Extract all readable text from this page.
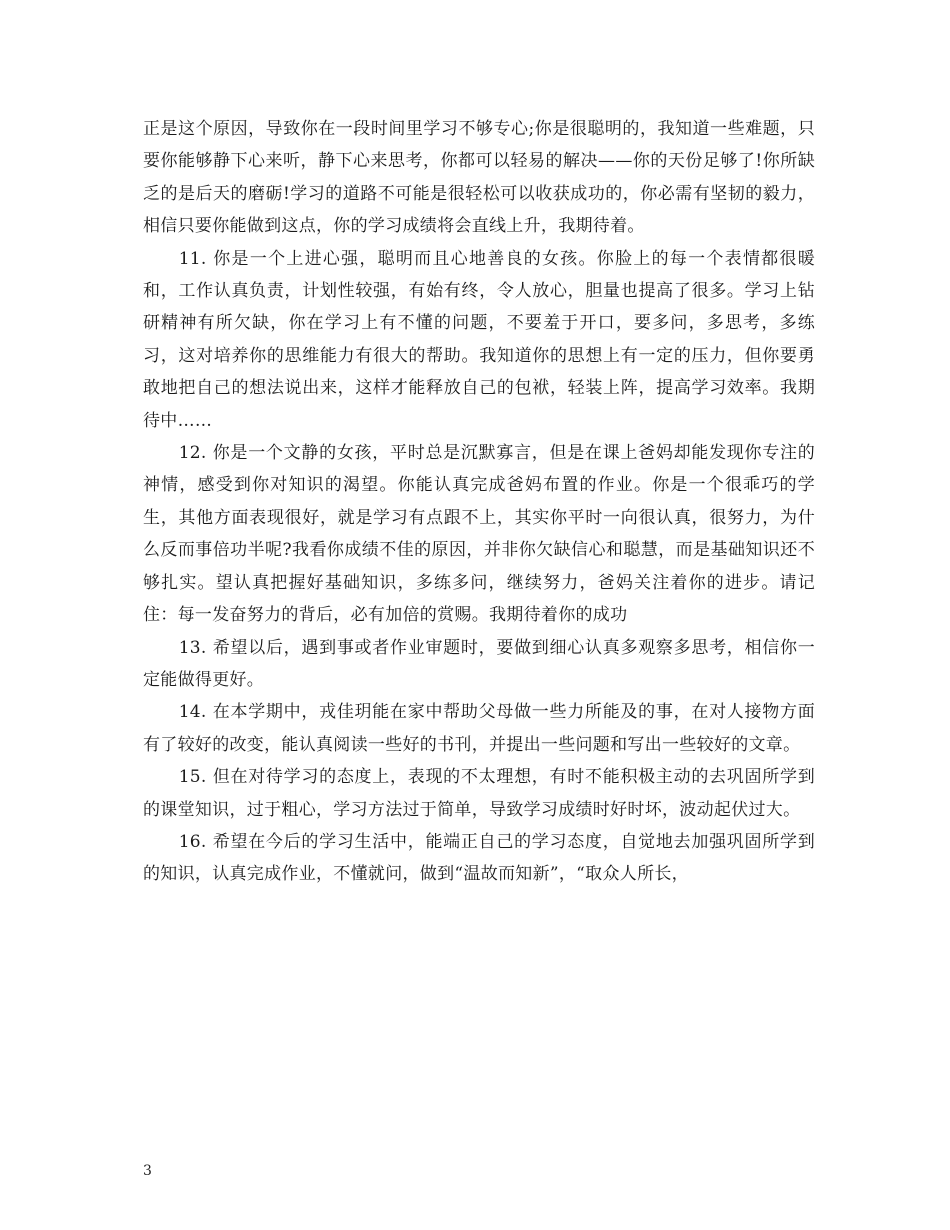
正是这个原因，导致你在一段时间里学习不够专心;你是很聪明的，我知道一些难题，只要你能够静下心来听，静下心来思考，你都可以轻易的解决——你的天份足够了!你所缺乏的是后天的磨砺!学习的道路不可能是很轻松可以收获成功的，你必需有坚韧的毅力，相信只要你能做到这点，你的学习成绩将会直线上升，我期待着。

11. 你是一个上进心强，聪明而且心地善良的女孩。你脸上的每一个表情都很暖和，工作认真负责，计划性较强，有始有终，令人放心，胆量也提高了很多。学习上钻研精神有所欠缺，你在学习上有不懂的问题，不要羞于开口，要多问，多思考，多练习，这对培养你的思维能力有很大的帮助。我知道你的思想上有一定的压力，但你要勇敢地把自己的想法说出来，这样才能释放自己的包袱，轻装上阵，提高学习效率。我期待中……

12. 你是一个文静的女孩，平时总是沉默寡言，但是在课上爸妈却能发现你专注的神情，感受到你对知识的渴望。你能认真完成爸妈布置的作业。你是一个很乖巧的学生，其他方面表现很好，就是学习有点跟不上，其实你平时一向很认真，很努力，为什么反而事倍功半呢?我看你成绩不佳的原因，并非你欠缺信心和聪慧，而是基础知识还不够扎实。望认真把握好基础知识，多练多问，继续努力，爸妈关注着你的进步。请记住：每一发奋努力的背后，必有加倍的赏赐。我期待着你的成功

13. 希望以后，遇到事或者作业审题时，要做到细心认真多观察多思考，相信你一定能做得更好。

14. 在本学期中，戎佳玥能在家中帮助父母做一些力所能及的事，在对人接物方面有了较好的改变，能认真阅读一些好的书刊，并提出一些问题和写出一些较好的文章。

15. 但在对待学习的态度上，表现的不太理想，有时不能积极主动的去巩固所学到的课堂知识，过于粗心，学习方法过于简单，导致学习成绩时好时坏，波动起伏过大。

16. 希望在今后的学习生活中，能端正自己的学习态度，自觉地去加强巩固所学到的知识，认真完成作业，不懂就问，做到“温故而知新”，“取众人所长，

3
